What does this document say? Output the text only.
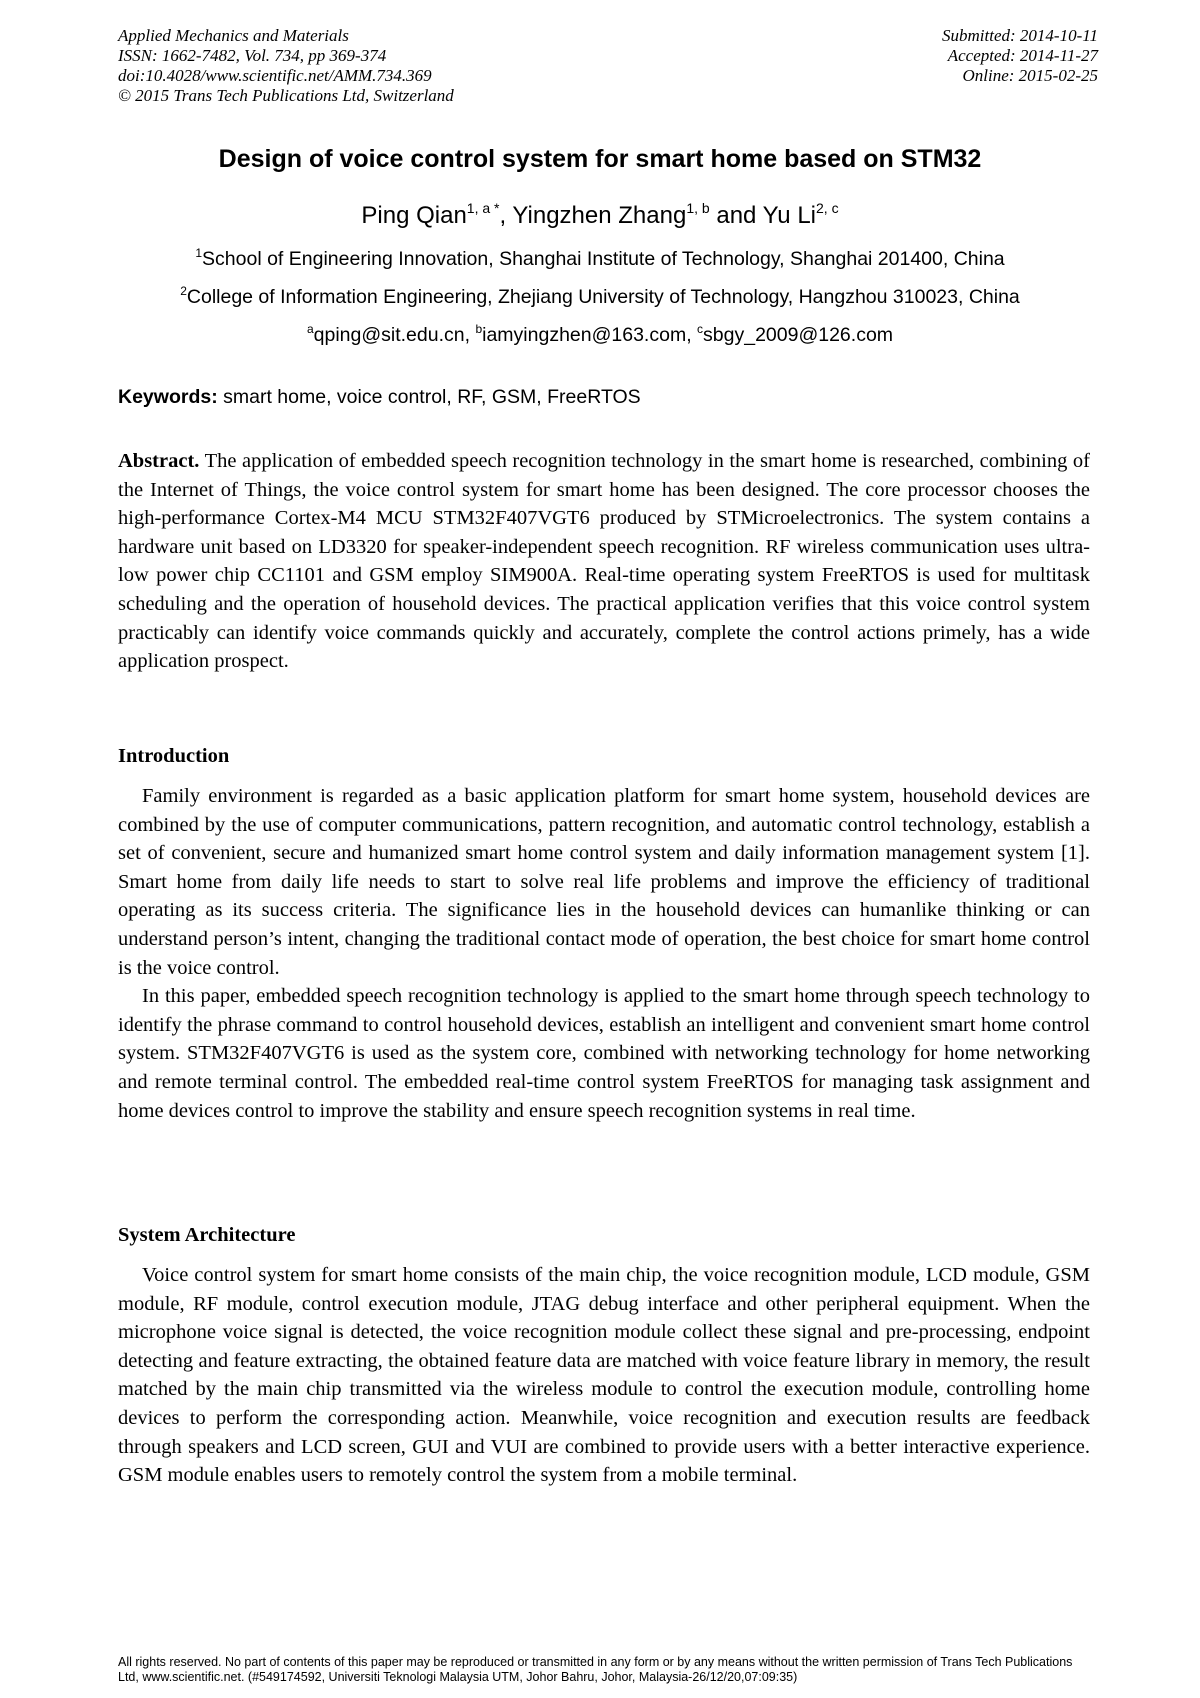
Applied Mechanics and Materials
ISSN: 1662-7482, Vol. 734, pp 369-374
doi:10.4028/www.scientific.net/AMM.734.369
© 2015 Trans Tech Publications Ltd, Switzerland
Submitted: 2014-10-11
Accepted: 2014-11-27
Online: 2015-02-25
Design of voice control system for smart home based on STM32
Ping Qian$^{1, a *}$, Yingzhen Zhang$^{1, b}$ and Yu Li$^{2, c}$
$^1$School of Engineering Innovation, Shanghai Institute of Technology, Shanghai 201400, China
$^2$College of Information Engineering, Zhejiang University of Technology, Hangzhou 310023, China
$^a$qping@sit.edu.cn, $^b$iamyingzhen@163.com, $^c$sbgy_2009@126.com
Keywords: smart home, voice control, RF, GSM, FreeRTOS

Abstract. The application of embedded speech recognition technology in the smart home is researched, combining of the Internet of Things, the voice control system for smart home has been designed. The core processor chooses the high-performance Cortex-M4 MCU STM32F407VGT6 produced by STMicroelectronics. The system contains a hardware unit based on LD3320 for speaker-independent speech recognition. RF wireless communication uses ultra-low power chip CC1101 and GSM employ SIM900A. Real-time operating system FreeRTOS is used for multitask scheduling and the operation of household devices. The practical application verifies that this voice control system practicably can identify voice commands quickly and accurately, complete the control actions primely, has a wide application prospect.

Introduction

Family environment is regarded as a basic application platform for smart home system, household devices are combined by the use of computer communications, pattern recognition, and automatic control technology, establish a set of convenient, secure and humanized smart home control system and daily information management system [1]. Smart home from daily life needs to start to solve real life problems and improve the efficiency of traditional operating as its success criteria. The significance lies in the household devices can humanlike thinking or can understand person’s intent, changing the traditional contact mode of operation, the best choice for smart home control is the voice control.

In this paper, embedded speech recognition technology is applied to the smart home through speech technology to identify the phrase command to control household devices, establish an intelligent and convenient smart home control system. STM32F407VGT6 is used as the system core, combined with networking technology for home networking and remote terminal control. The embedded real-time control system FreeRTOS for managing task assignment and home devices control to improve the stability and ensure speech recognition systems in real time.

System Architecture

Voice control system for smart home consists of the main chip, the voice recognition module, LCD module, GSM module, RF module, control execution module, JTAG debug interface and other peripheral equipment. When the microphone voice signal is detected, the voice recognition module collect these signal and pre-processing, endpoint detecting and feature extracting, the obtained feature data are matched with voice feature library in memory, the result matched by the main chip transmitted via the wireless module to control the execution module, controlling home devices to perform the corresponding action. Meanwhile, voice recognition and execution results are feedback through speakers and LCD screen, GUI and VUI are combined to provide users with a better interactive experience. GSM module enables users to remotely control the system from a mobile terminal.

All rights reserved. No part of contents of this paper may be reproduced or transmitted in any form or by any means without the written permission of Trans Tech Publications Ltd, www.scientific.net. (#549174592, Universiti Teknologi Malaysia UTM, Johor Bahru, Johor, Malaysia-26/12/20,07:09:35)
